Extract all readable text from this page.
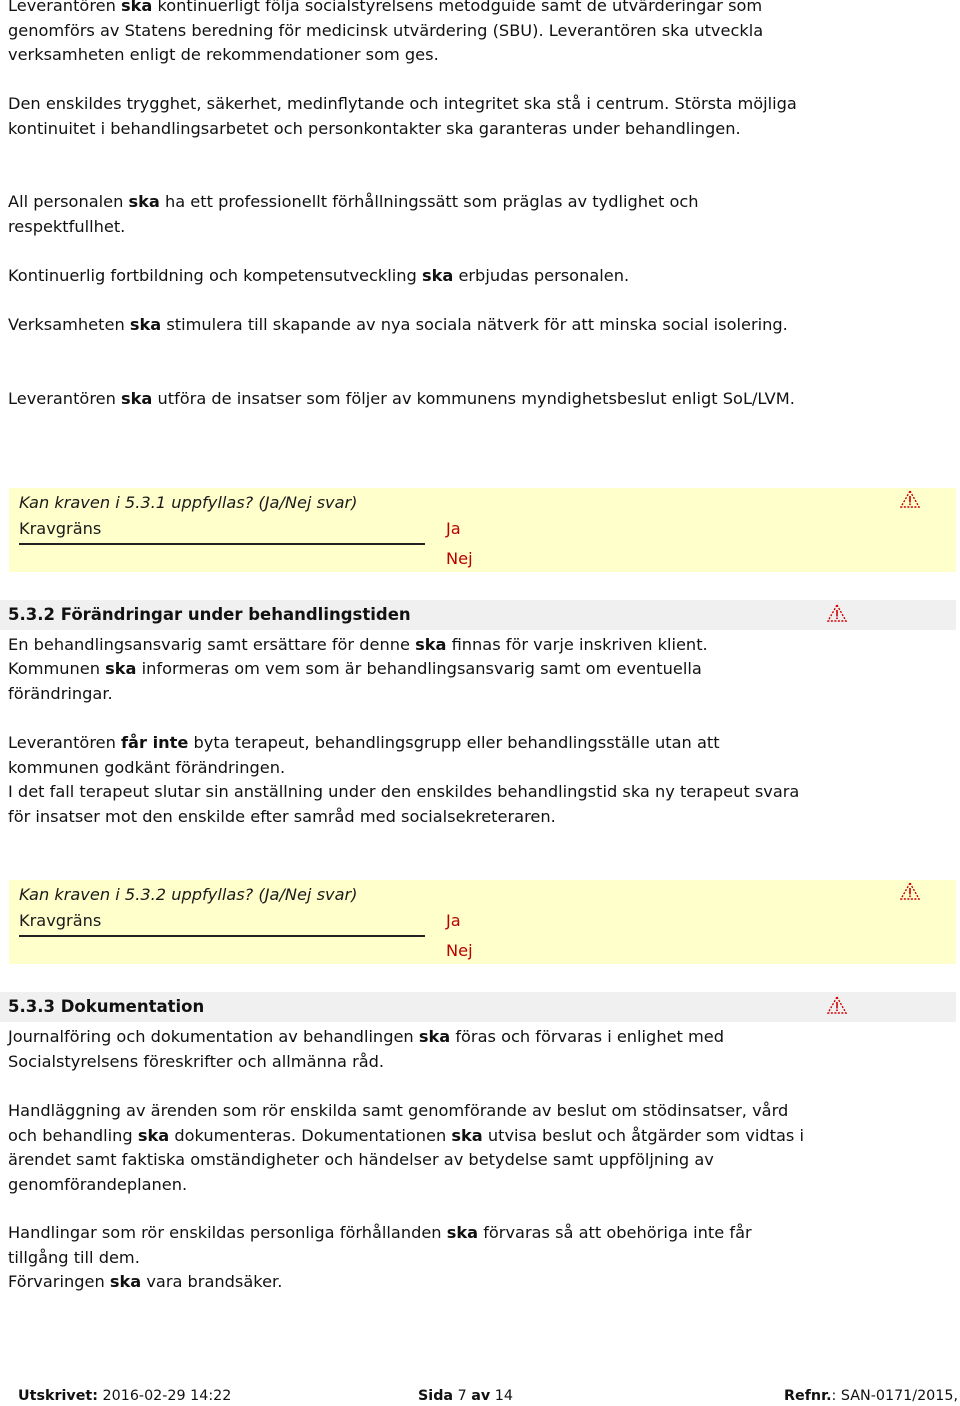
Leverantören ska kontinuerligt följa socialstyrelsens metodguide samt de utvärderingar som genomförs av Statens beredning för medicinsk utvärdering (SBU). Leverantören ska utveckla verksamheten enligt de rekommendationer som ges.

Den enskildes trygghet, säkerhet, medinflytande och integritet ska stå i centrum. Största möjliga kontinuitet i behandlingsarbetet och personkontakter ska garanteras under behandlingen.

All personalen ska ha ett professionellt förhållningssätt som präglas av tydlighet och respektfullhet.

Kontinuerlig fortbildning och kompetensutveckling ska erbjudas personalen.

Verksamheten ska stimulera till skapande av nya sociala nätverk för att minska social isolering.

Leverantören ska utföra de insatser som följer av kommunens myndighetsbeslut enligt SoL/LVM.

Kan kraven i 5.3.1 uppfyllas? (Ja/Nej svar)
Kravgräns	Ja
Nej
5.3.2 Förändringar under behandlingstiden

En behandlingsansvarig samt ersättare för denne ska finnas för varje inskriven klient.

Kommunen ska informeras om vem som är behandlingsansvarig samt om eventuella förändringar.

Leverantören får inte byta terapeut, behandlingsgrupp eller behandlingsställe utan att kommunen godkänt förändringen.

I det fall terapeut slutar sin anställning under den enskildes behandlingstid ska ny terapeut svara för insatser mot den enskilde efter samråd med socialsekreteraren.

Kan kraven i 5.3.2 uppfyllas? (Ja/Nej svar)
Kravgräns	Ja
Nej
5.3.3 Dokumentation

Journalföring och dokumentation av behandlingen ska föras och förvaras i enlighet med Socialstyrelsens föreskrifter och allmänna råd.

Handläggning av ärenden som rör enskilda samt genomförande av beslut om stödinsatser, vård och behandling ska dokumenteras. Dokumentationen ska utvisa beslut och åtgärder som vidtas i ärendet samt faktiska omständigheter och händelser av betydelse samt uppföljning av genomförandeplanen.

Handlingar som rör enskildas personliga förhållanden ska förvaras så att obehöriga inte får tillgång till dem.

Förvaringen ska vara brandsäker.

Utskrivet: 2016-02-29 14:22	Sida 7 av 14	Refnr.: SAN-0171/2015,
